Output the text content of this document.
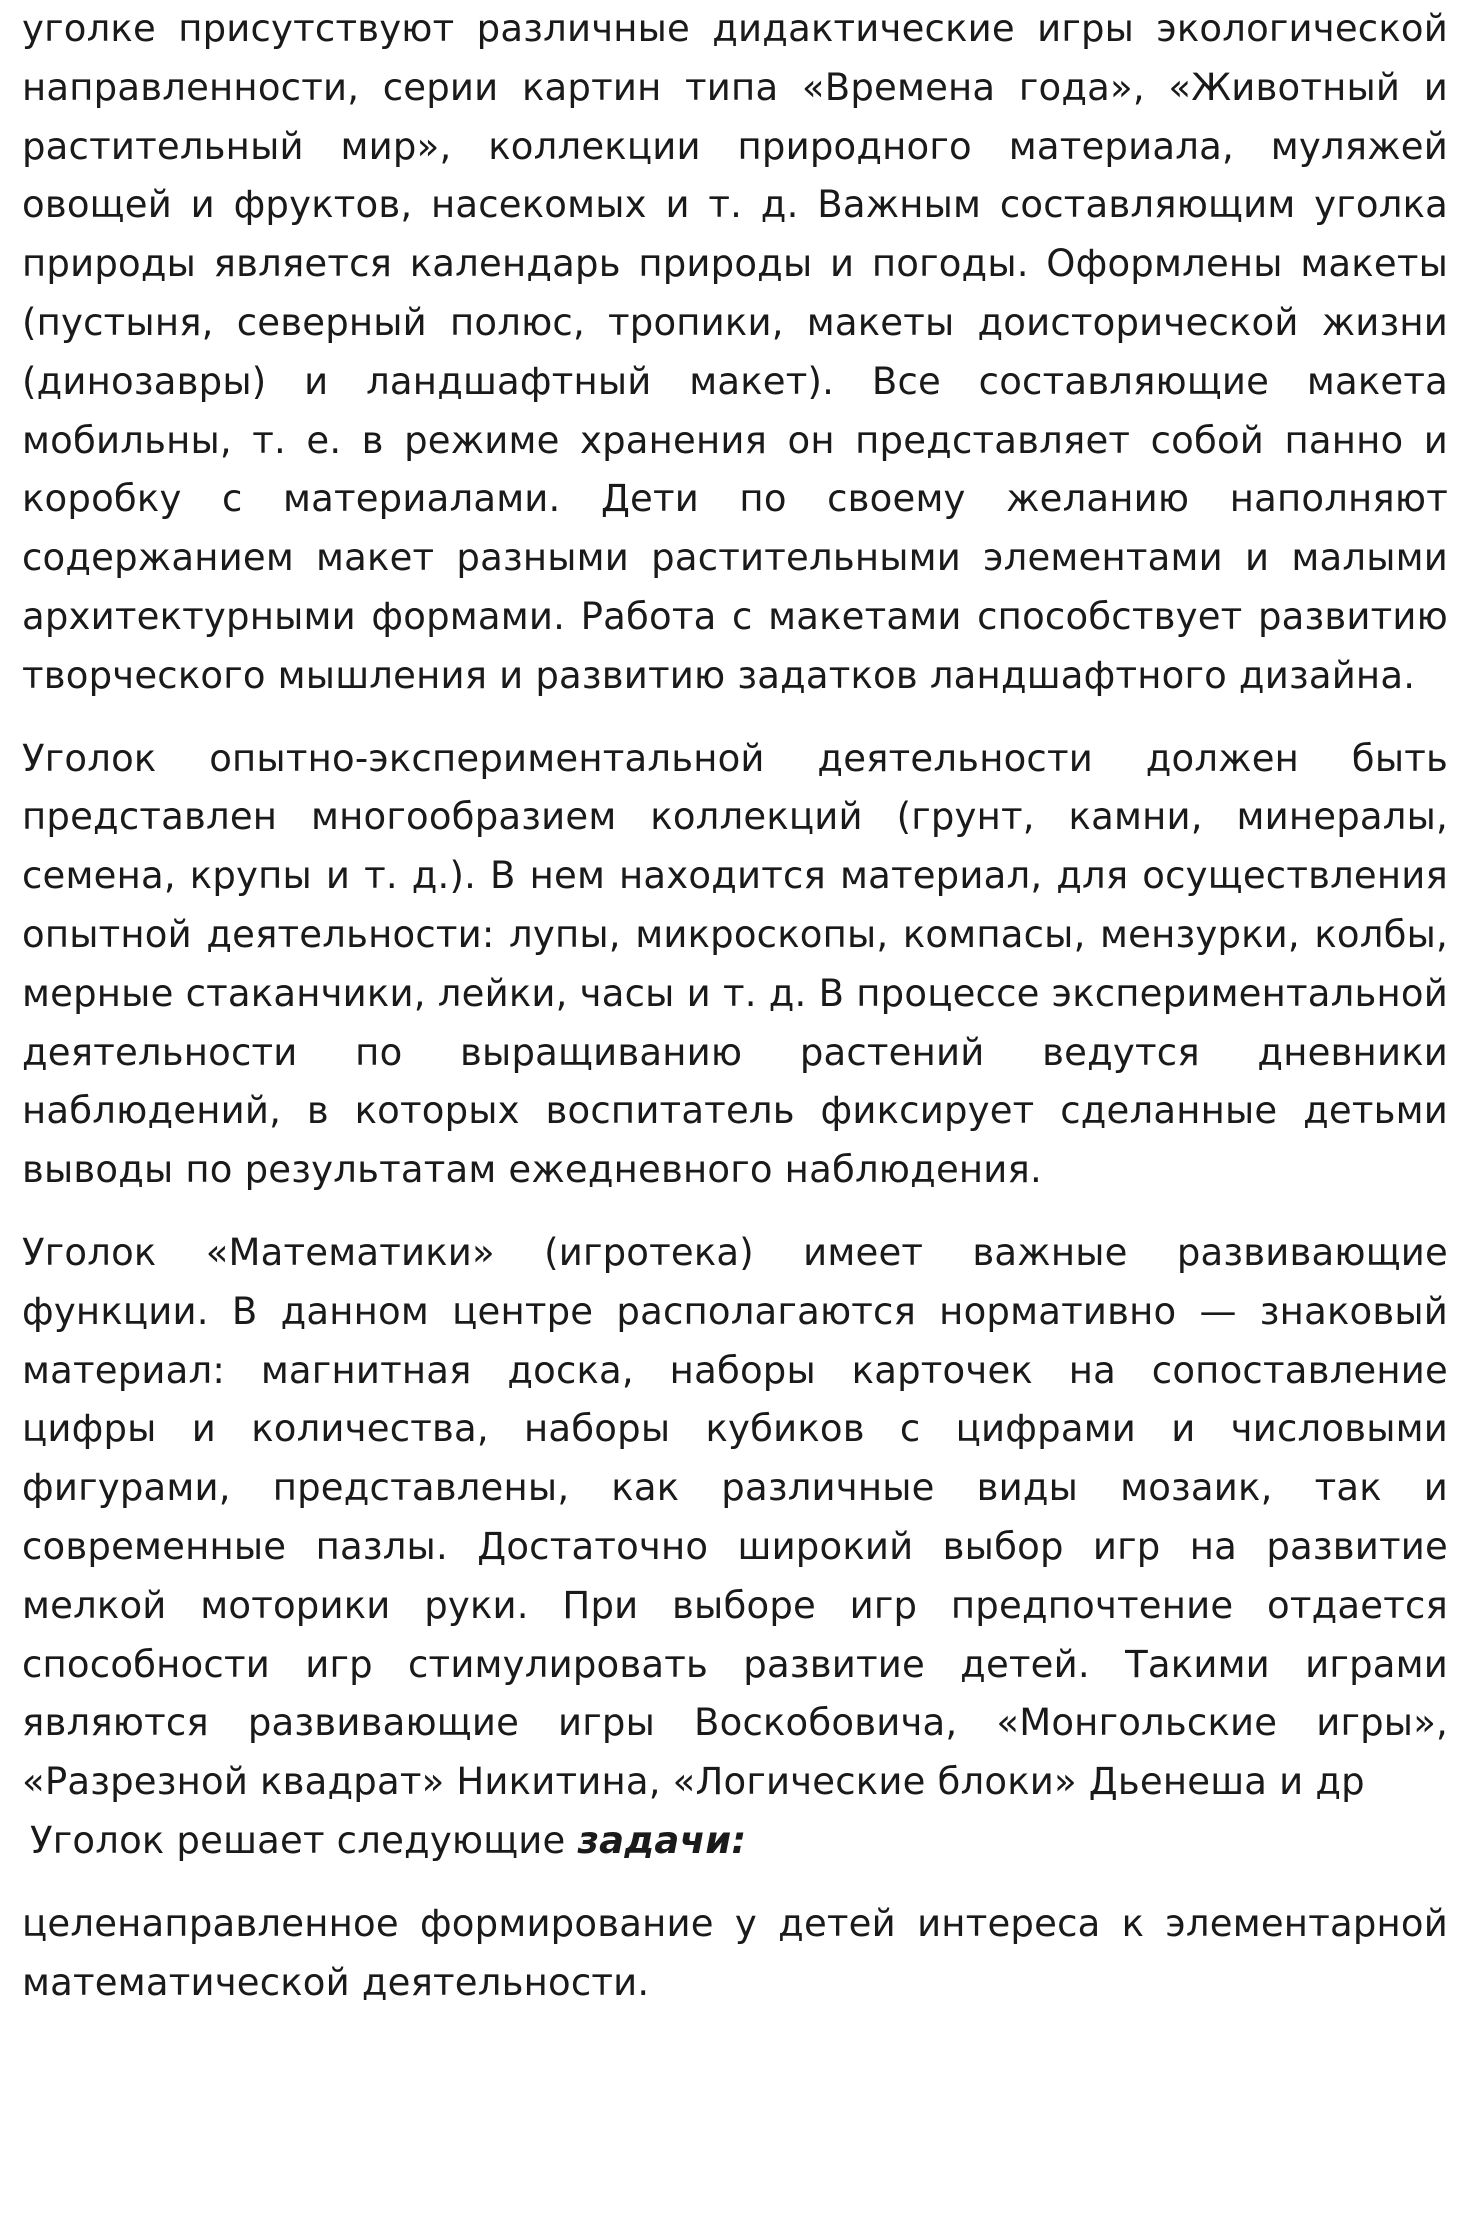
уголке присутствуют различные дидактические игры экологической направленности, серии картин типа «Времена года», «Животный и растительный мир», коллекции природного материала, муляжей овощей и фруктов, насекомых и т. д. Важным составляющим уголка природы является календарь природы и погоды. Оформлены макеты (пустыня, северный полюс, тропики, макеты доисторической жизни (динозавры) и ландшафтный макет). Все составляющие макета мобильны, т. е. в режиме хранения он представляет собой панно и коробку с материалами. Дети по своему желанию наполняют содержанием макет разными растительными элементами и малыми архитектурными формами. Работа с макетами способствует развитию творческого мышления и развитию задатков ландшафтного дизайна.

Уголок опытно-экспериментальной деятельности должен быть представлен многообразием коллекций (грунт, камни, минералы, семена, крупы и т. д.). В нем находится материал, для осуществления опытной деятельности: лупы, микроскопы, компасы, мензурки, колбы, мерные стаканчики, лейки, часы и т. д. В процессе экспериментальной деятельности по выращиванию растений ведутся дневники наблюдений, в которых воспитатель фиксирует сделанные детьми выводы по результатам ежедневного наблюдения.

Уголок «Математики» (игротека) имеет важные развивающие функции. В данном центре располагаются нормативно — знаковый материал: магнитная доска, наборы карточек на сопоставление цифры и количества, наборы кубиков с цифрами и числовыми фигурами, представлены, как различные виды мозаик, так и современные пазлы. Достаточно широкий выбор игр на развитие мелкой моторики руки. При выборе игр предпочтение отдается способности игр стимулировать развитие детей. Такими играми являются развивающие игры Воскобовича, «Монгольские игры», «Разрезной квадрат» Никитина, «Логические блоки» Дьенеша и др

Уголок решает следующие задачи:

целенаправленное формирование у детей интереса к элементарной математической деятельности.
